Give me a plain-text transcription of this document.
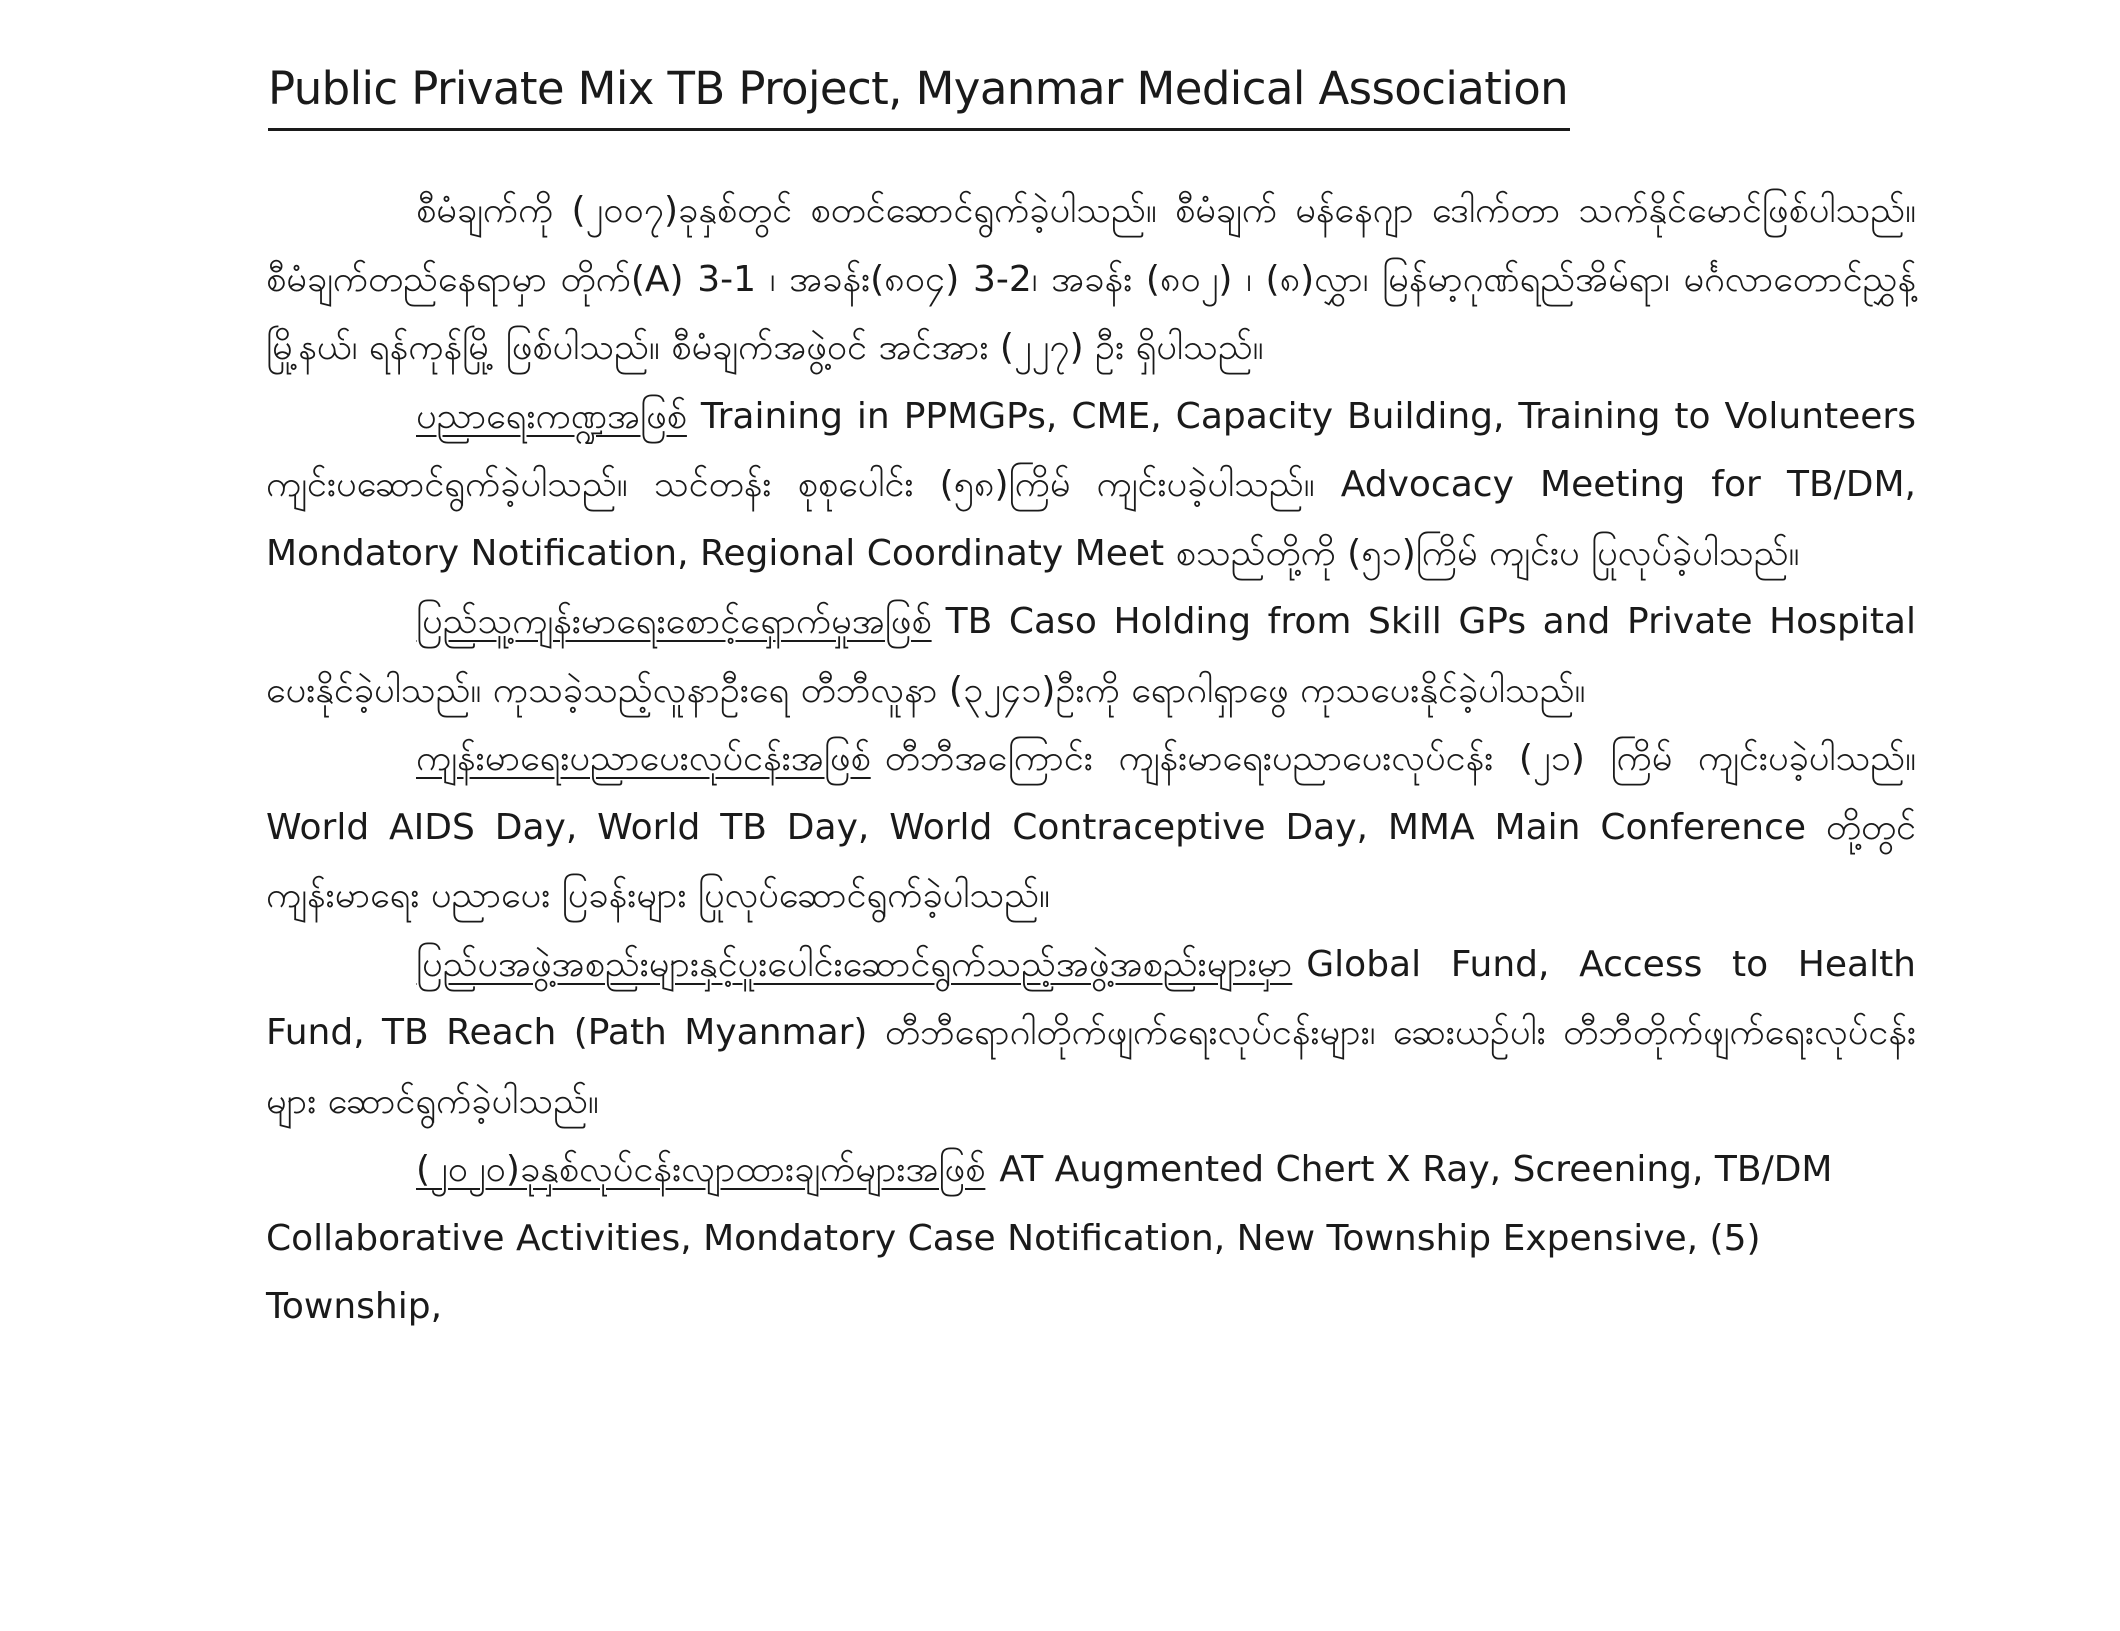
Public Private Mix TB Project, Myanmar Medical Association

စီမံချက်ကို (၂၀၀၇)ခုနှစ်တွင် စတင်ဆောင်ရွက်ခဲ့ပါသည်။ စီမံချက် မန်နေဂျာ ဒေါက်တာ သက်နိုင်မောင်ဖြစ်ပါသည်။ စီမံချက်တည်နေရာမှာ တိုက်(A) 3-1 ၊ အခန်း(၈၀၄) 3-2၊ အခန်း (၈၀၂) ၊ (၈)လွှာ၊ မြန်မာ့ဂုဏ်ရည်အိမ်ရာ၊ မင်္ဂလာတောင်ညွှန့်မြို့နယ်၊ ရန်ကုန်မြို့ ဖြစ်ပါသည်။ စီမံချက်အဖွဲ့ဝင် အင်အား (၂၂၇) ဦး ရှိပါသည်။

ပညာရေးကဏ္ဍအဖြစ် Training in PPMGPs, CME, Capacity Building, Training to Volunteers ကျင်းပဆောင်ရွက်ခဲ့ပါသည်။ သင်တန်း စုစုပေါင်း (၅၈)ကြိမ် ကျင်းပခဲ့ပါသည်။ Advocacy Meeting for TB/DM, Mondatory Notification, Regional Coordinaty Meet စသည်တို့ကို (၅၁)ကြိမ် ကျင်းပ ပြုလုပ်ခဲ့ပါသည်။

ပြည်သူ့ကျန်းမာရေးစောင့်ရှောက်မှုအဖြစ် TB Caso Holding from Skill GPs and Private Hospital ပေးနိုင်ခဲ့ပါသည်။ ကုသခဲ့သည့်လူနာဦးရေ တီဘီလူနာ (၃၂၄၁)ဦးကို ရောဂါရှာဖွေ ကုသပေးနိုင်ခဲ့ပါသည်။

ကျန်းမာရေးပညာပေးလုပ်ငန်းအဖြစ် တီဘီအကြောင်း ကျန်းမာရေးပညာပေးလုပ်ငန်း (၂၁) ကြိမ် ကျင်းပခဲ့ပါသည်။ World AIDS Day, World TB Day, World Contraceptive Day, MMA Main Conference တို့တွင် ကျန်းမာရေး ပညာပေး ပြခန်းများ ပြုလုပ်ဆောင်ရွက်ခဲ့ပါသည်။

ပြည်ပအဖွဲ့အစည်းများနှင့်ပူးပေါင်းဆောင်ရွက်သည့်အဖွဲ့အစည်းများမှာ Global Fund, Access to Health Fund, TB Reach (Path Myanmar) တီဘီရောဂါတိုက်ဖျက်ရေးလုပ်ငန်းများ၊ ဆေးယဉ်ပါး တီဘီတိုက်ဖျက်ရေးလုပ်ငန်းများ ဆောင်ရွက်ခဲ့ပါသည်။

(၂၀၂၀)ခုနှစ်လုပ်ငန်းလျာထားချက်များအဖြစ် AT Augmented Chert X Ray, Screening, TB/DM Collaborative Activities, Mondatory Case Notification, New Township Expensive, (5) Township,
